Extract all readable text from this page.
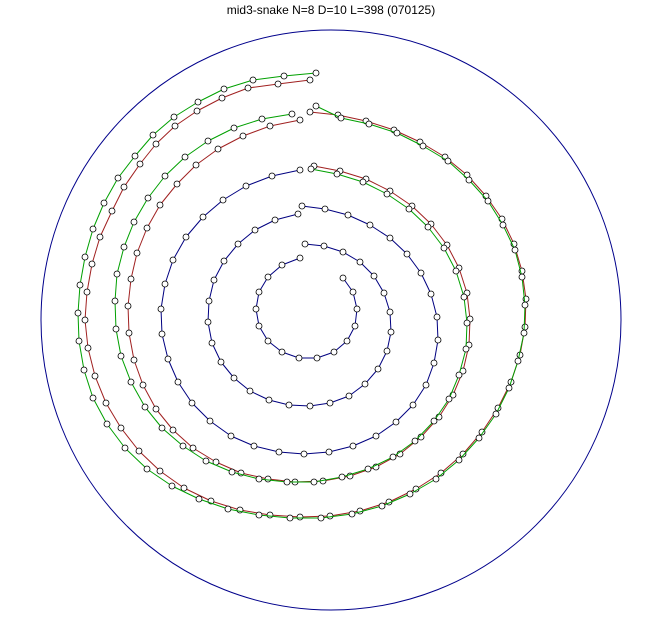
mid3-snake N=8 D=10 L=398 (070125)
